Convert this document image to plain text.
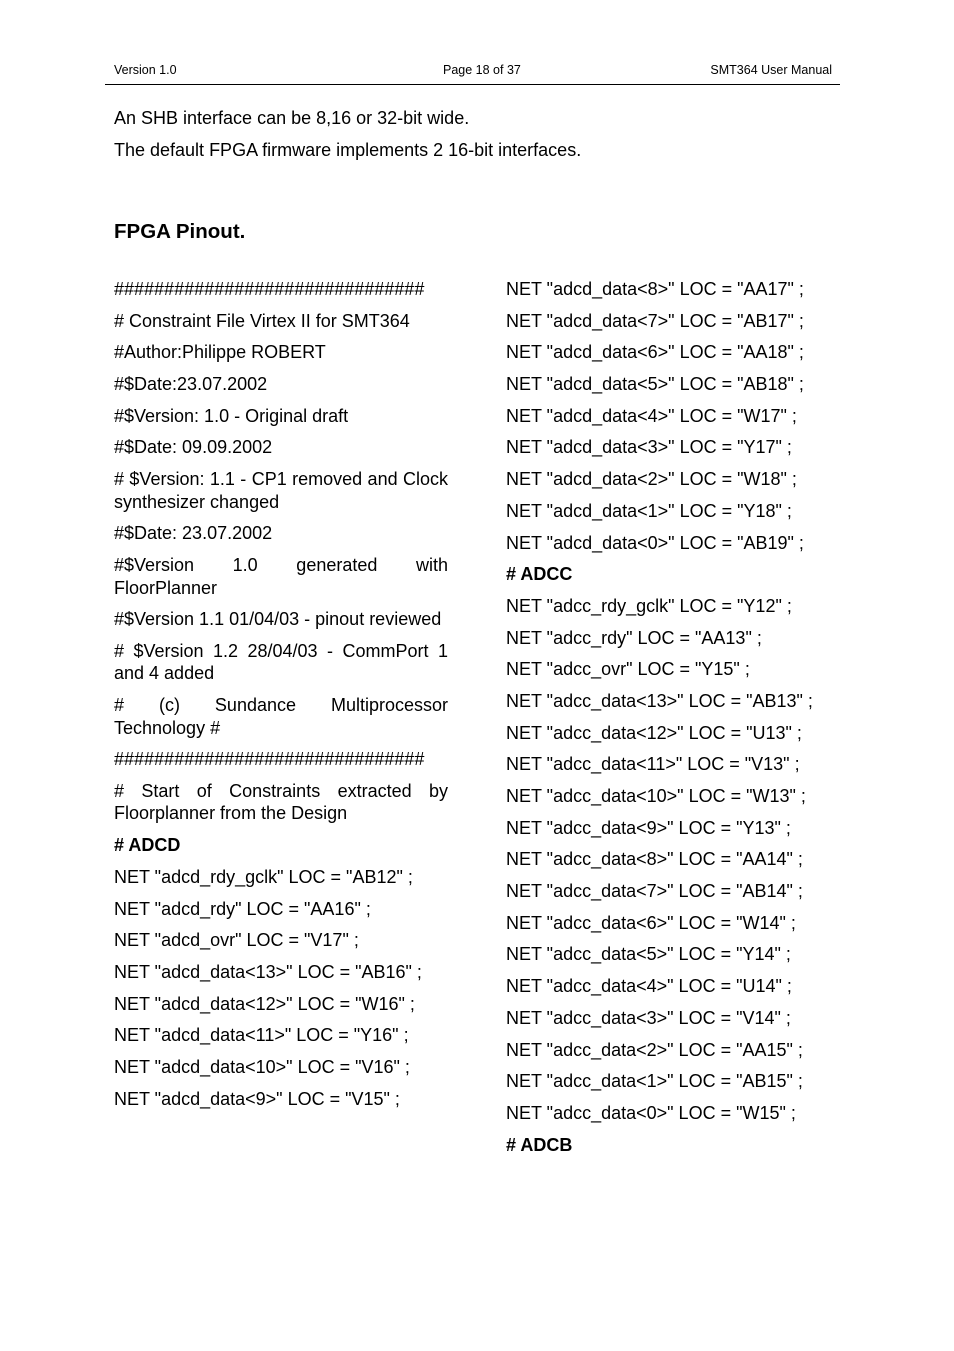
Version 1.0	Page 18 of 37	SMT364 User Manual
An SHB interface can be 8,16 or 32-bit wide.
The default FPGA firmware implements 2 16-bit interfaces.
FPGA Pinout.
###############################
# Constraint File Virtex II for SMT364
#Author:Philippe ROBERT
#$Date:23.07.2002
#$Version: 1.0 - Original draft
#$Date: 09.09.2002
# $Version: 1.1 - CP1 removed and Clock synthesizer changed
#$Date: 23.07.2002
#$Version 1.0 generated with FloorPlanner
#$Version 1.1 01/04/03 - pinout reviewed
# $Version 1.2 28/04/03 - CommPort 1 and 4 added
# (c) Sundance Multiprocessor Technology #
###############################
# Start of Constraints extracted by Floorplanner from the Design
# ADCD
NET "adcd_rdy_gclk" LOC = "AB12" ;
NET "adcd_rdy" LOC = "AA16" ;
NET "adcd_ovr" LOC = "V17" ;
NET "adcd_data<13>" LOC = "AB16" ;
NET "adcd_data<12>" LOC = "W16" ;
NET "adcd_data<11>" LOC = "Y16" ;
NET "adcd_data<10>" LOC = "V16" ;
NET "adcd_data<9>" LOC = "V15" ;
NET "adcd_data<8>" LOC = "AA17" ;
NET "adcd_data<7>" LOC = "AB17" ;
NET "adcd_data<6>" LOC = "AA18" ;
NET "adcd_data<5>" LOC = "AB18" ;
NET "adcd_data<4>" LOC = "W17" ;
NET "adcd_data<3>" LOC = "Y17" ;
NET "adcd_data<2>" LOC = "W18" ;
NET "adcd_data<1>" LOC = "Y18" ;
NET "adcd_data<0>" LOC = "AB19" ;
# ADCC
NET "adcc_rdy_gclk" LOC = "Y12" ;
NET "adcc_rdy" LOC = "AA13" ;
NET "adcc_ovr" LOC = "Y15" ;
NET "adcc_data<13>" LOC = "AB13" ;
NET "adcc_data<12>" LOC = "U13" ;
NET "adcc_data<11>" LOC = "V13" ;
NET "adcc_data<10>" LOC = "W13" ;
NET "adcc_data<9>" LOC = "Y13" ;
NET "adcc_data<8>" LOC = "AA14" ;
NET "adcc_data<7>" LOC = "AB14" ;
NET "adcc_data<6>" LOC = "W14" ;
NET "adcc_data<5>" LOC = "Y14" ;
NET "adcc_data<4>" LOC = "U14" ;
NET "adcc_data<3>" LOC = "V14" ;
NET "adcc_data<2>" LOC = "AA15" ;
NET "adcc_data<1>" LOC = "AB15" ;
NET "adcc_data<0>" LOC = "W15" ;
# ADCB
